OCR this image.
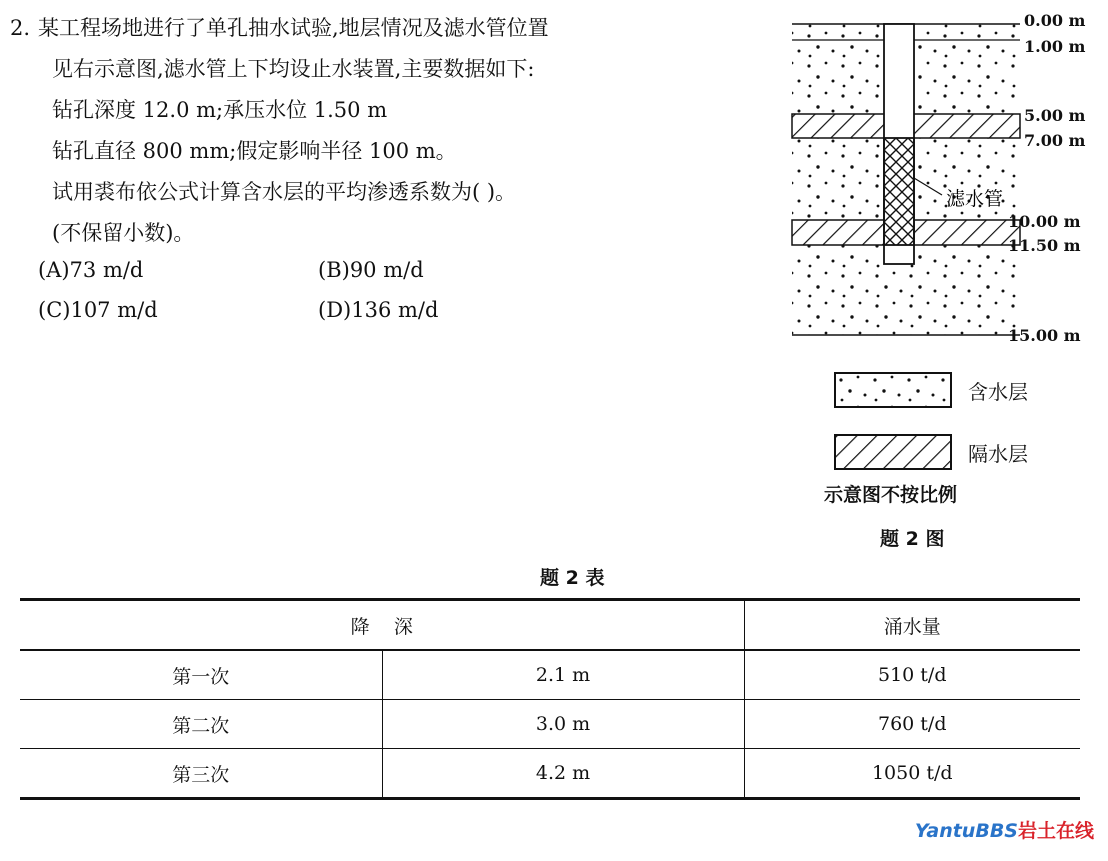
2. 某工程场地进行了单孔抽水试验,地层情况及滤水管位置
见右示意图,滤水管上下均设止水装置,主要数据如下:
钻孔深度 12.0 m;承压水位 1.50 m
钻孔直径 800 mm;假定影响半径 100 m。
试用裘布依公式计算含水层的平均渗透系数为( )。
(不保留小数)。
(A)73 m/d	(B)90 m/d
(C)107 m/d	(D)136 m/d
滤水管
0.00 m
1.00 m
5.00 m
7.00 m
10.00 m
11.50 m
15.00 m
含水层
隔水层
示意图不按比例
题 2 图
题 2 表
降    深		涌水量
第一次	2.1 m	510 t/d
第二次	3.0 m	760 t/d
第三次	4.2 m	1050 t/d
YantuBBS岩土在线
